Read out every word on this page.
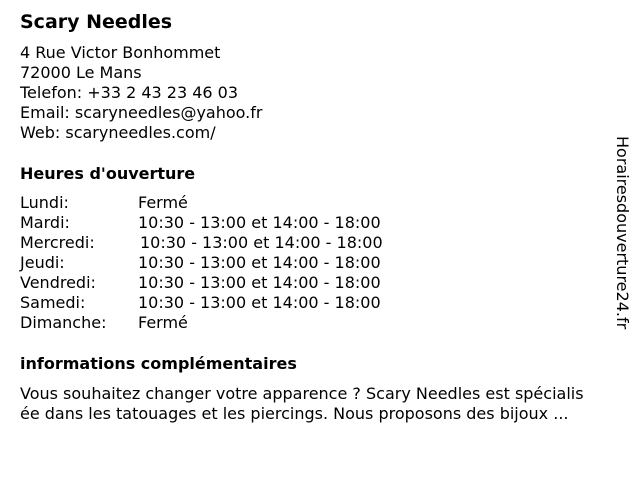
Scary Needles
4 Rue Victor Bonhommet
72000 Le Mans
Telefon: +33 2 43 23 46 03
Email: scaryneedles@yahoo.fr
Web: scaryneedles.com/
Heures d'ouverture
Lundi:	Fermé
Mardi:	10:30 - 13:00 et 14:00 - 18:00
Mercredi:	10:30 - 13:00 et 14:00 - 18:00
Jeudi:	10:30 - 13:00 et 14:00 - 18:00
Vendredi:	10:30 - 13:00 et 14:00 - 18:00
Samedi:	10:30 - 13:00 et 14:00 - 18:00
Dimanche: Fermé
informations complémentaires
Vous souhaitez changer votre apparence ? Scary Needles est spécialis
ée dans les tatouages et les piercings. Nous proposons des bijoux ...
Horairesdouverture24.fr
